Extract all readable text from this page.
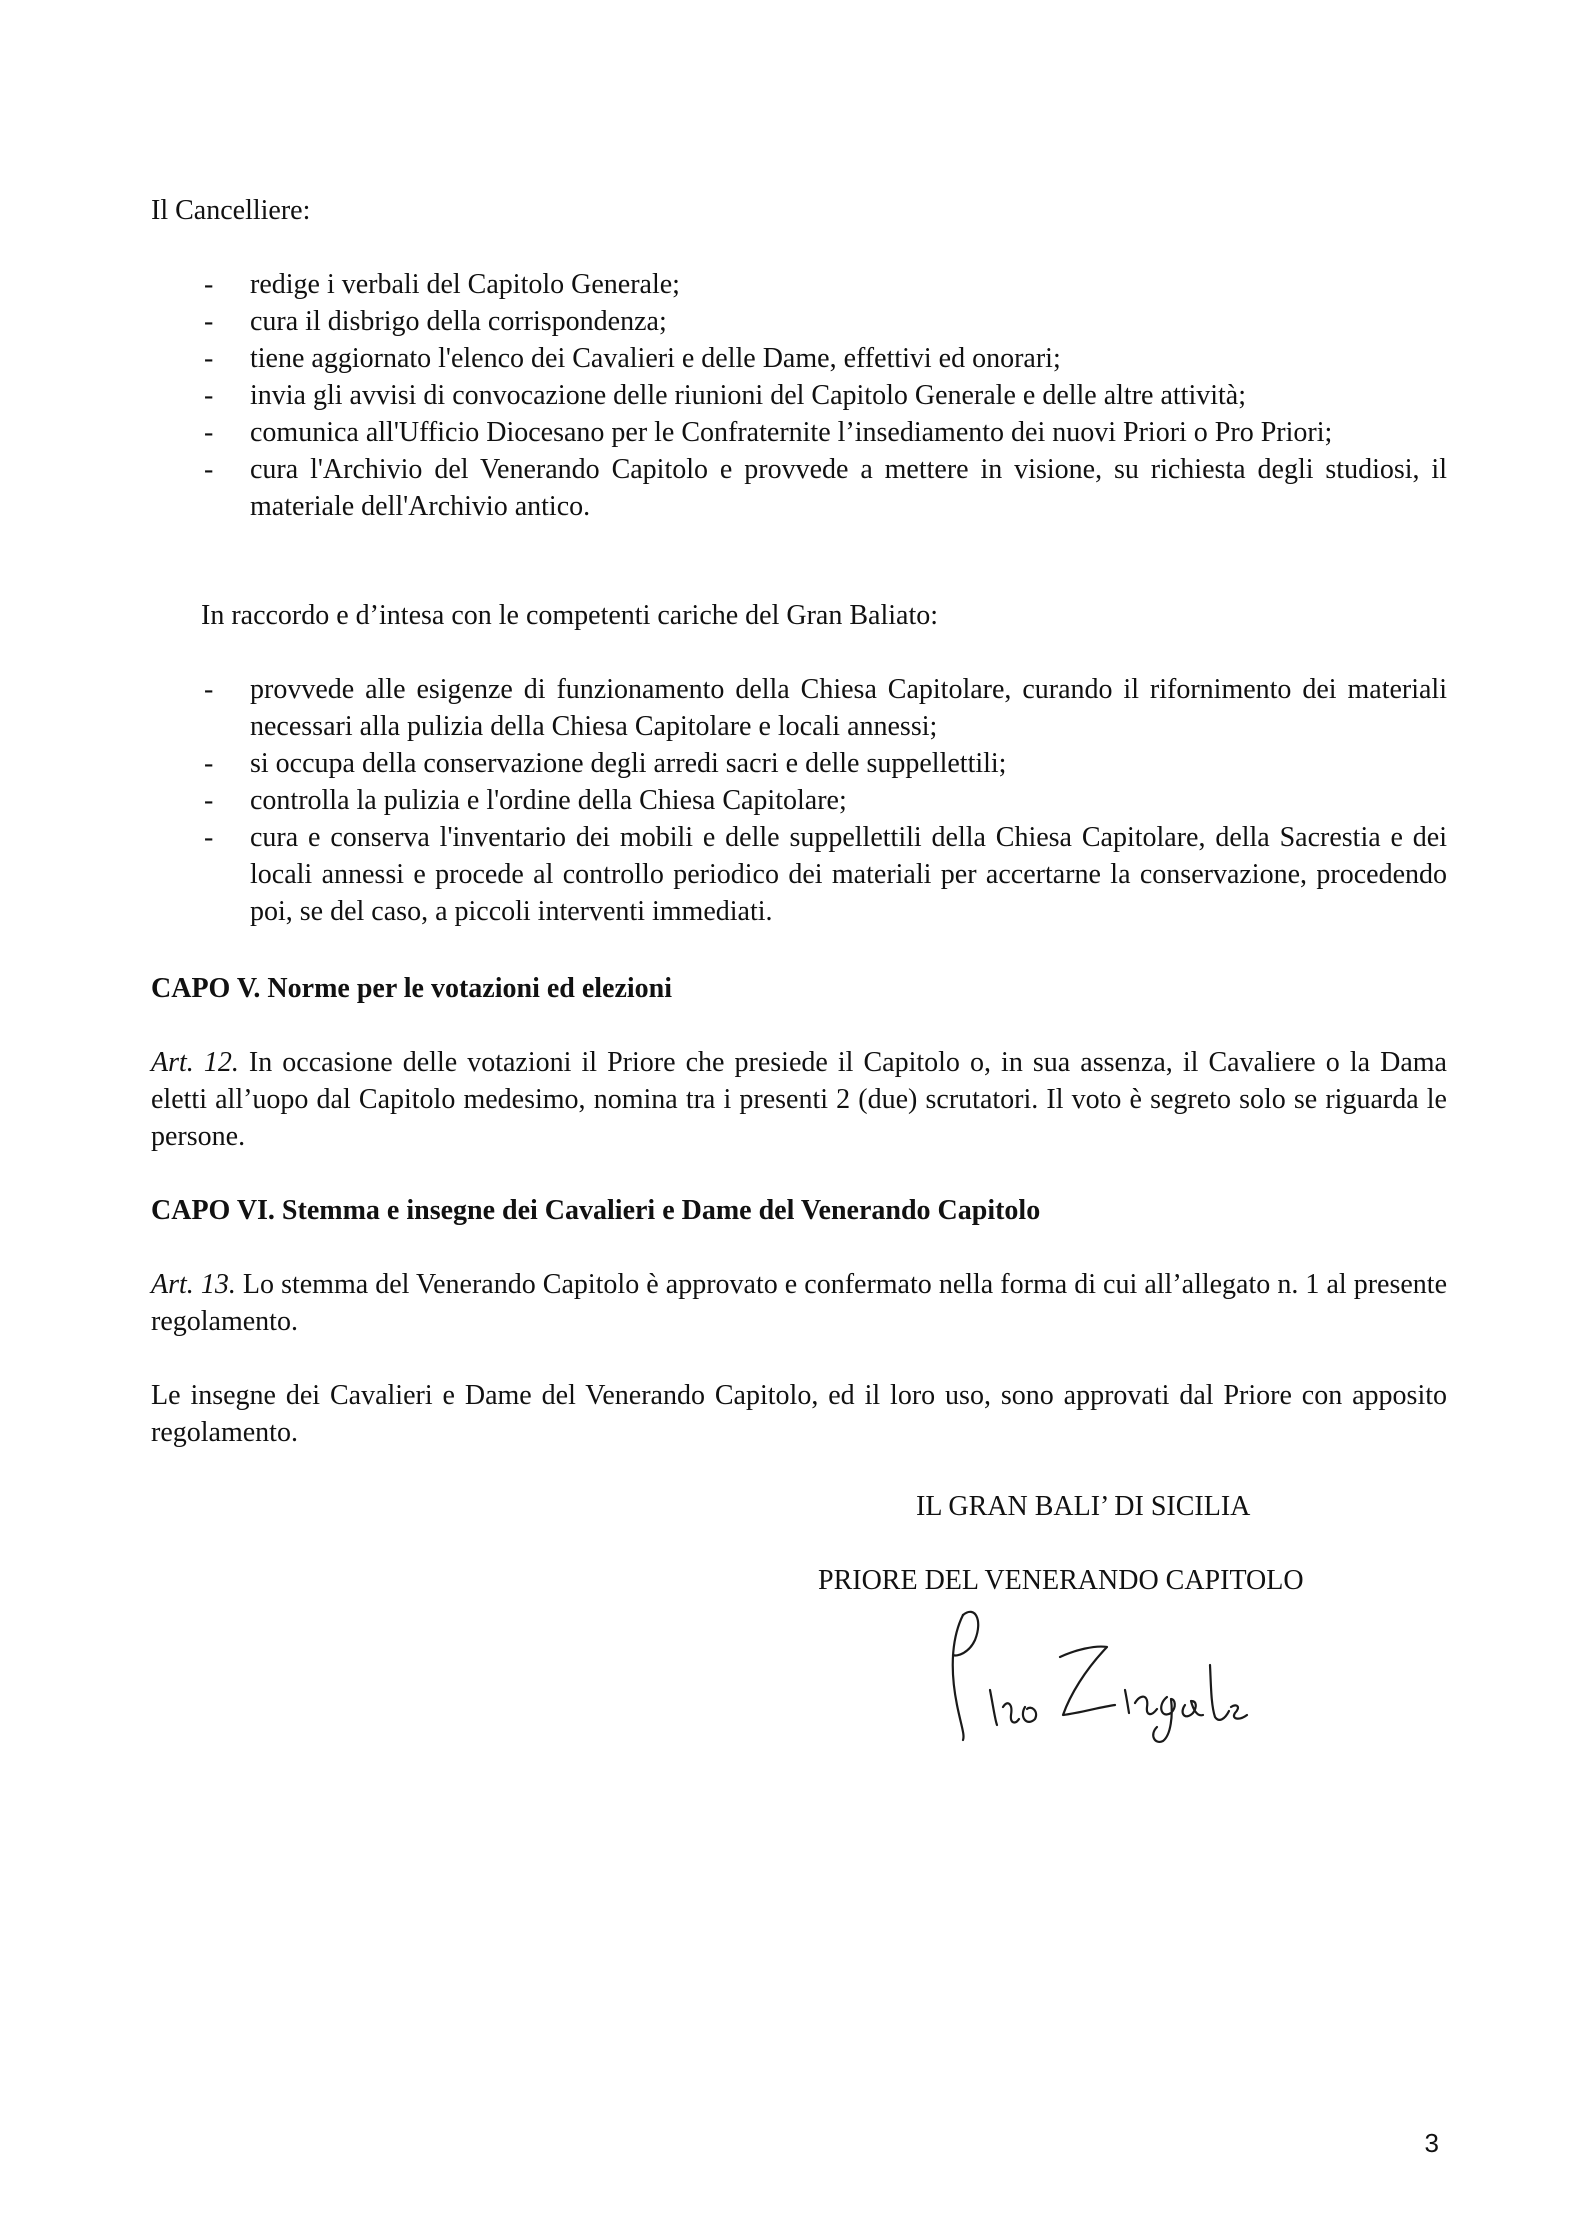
Il Cancelliere:
- redige i verbali del Capitolo Generale;
- cura il disbrigo della corrispondenza;
- tiene aggiornato l'elenco dei Cavalieri e delle Dame, effettivi ed onorari;
- invia gli avvisi di convocazione delle riunioni del Capitolo Generale e delle altre attività;
- comunica all'Ufficio Diocesano per le Confraternite l’insediamento dei nuovi Priori o Pro Priori;
- cura l'Archivio del Venerando Capitolo e provvede a mettere in visione, su richiesta degli studiosi, il materiale dell'Archivio antico.
In raccordo e d’intesa con le competenti cariche del Gran Baliato:
- provvede alle esigenze di funzionamento della Chiesa Capitolare, curando il rifornimento dei materiali necessari alla pulizia della Chiesa Capitolare e locali annessi;
- si occupa della conservazione degli arredi sacri e delle suppellettili;
- controlla la pulizia e l'ordine della Chiesa Capitolare;
- cura e conserva l'inventario dei mobili e delle suppellettili della Chiesa Capitolare, della Sacrestia e dei locali annessi e procede al controllo periodico dei materiali per accertarne la conservazione, procedendo poi, se del caso, a piccoli interventi immediati.
CAPO V. Norme per le votazioni ed elezioni

Art. 12. In occasione delle votazioni il Priore che presiede il Capitolo o, in sua assenza, il Cavaliere o la Dama eletti all’uopo dal Capitolo medesimo, nomina tra i presenti 2 (due) scrutatori. Il voto è segreto solo se riguarda le persone.

CAPO VI. Stemma e insegne dei Cavalieri e Dame del Venerando Capitolo

Art. 13. Lo stemma del Venerando Capitolo è approvato e confermato nella forma di cui all’allegato n. 1 al presente regolamento.

Le insegne dei Cavalieri e Dame del Venerando Capitolo, ed il loro uso, sono approvati dal Priore con apposito regolamento.

IL GRAN BALI’ DI SICILIA
PRIORE DEL VENERANDO CAPITOLO
3
